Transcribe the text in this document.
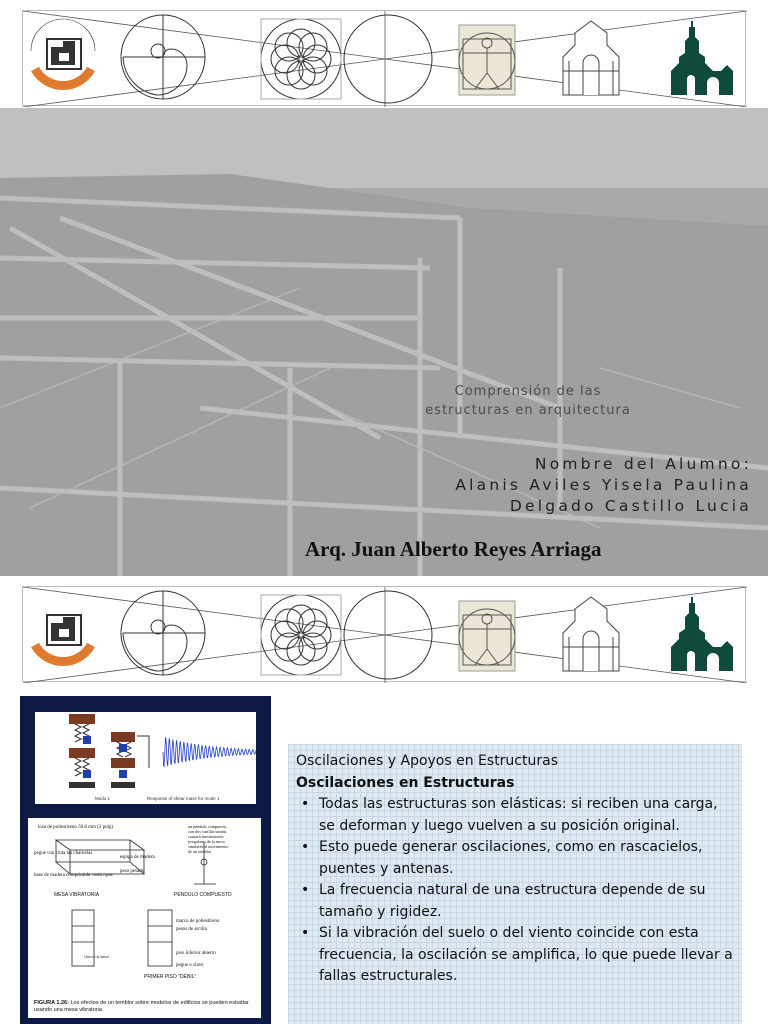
Comprensión de las
estructuras en arquitectura
Nombre del Alumno:
Alanis Aviles Yisela Paulina
Delgado Castillo Lucia
Arq. Juan Alberto Reyes Arriaga
Modo 1	Response of shear mass for mode 1
losa de poliestireno 50.8 mm (2 pulg)
pegue con cinta las charnelas
base de madera comprimida
MESA VIBRATORIA
espiga de madera
peso pesado
varilla rígida
PÉNDULO COMPUESTO
PRIMER PISO "DÉBIL"
marco de poliestireno
pesos de arcilla
piso inferior abierto
pegue o clave
clavo a la mesa
un péndulo compuesto, con dos varillas unidas, causará movimientos irregulares de la mesa similares al movimiento de un temblor
FIGURA 1.26: Los efectos de un temblor sobre modelos de edificios se pueden estudiar usando una mesa vibratoria.
Oscilaciones y Apoyos en Estructuras
Oscilaciones en Estructuras
• Todas las estructuras son elásticas: si reciben una carga, se deforman y luego vuelven a su posición original.
• Esto puede generar oscilaciones, como en rascacielos, puentes y antenas.
• La frecuencia natural de una estructura depende de su tamaño y rigidez.
• Si la vibración del suelo o del viento coincide con esta frecuencia, la oscilación se amplifica, lo que puede llevar a fallas estructurales.
